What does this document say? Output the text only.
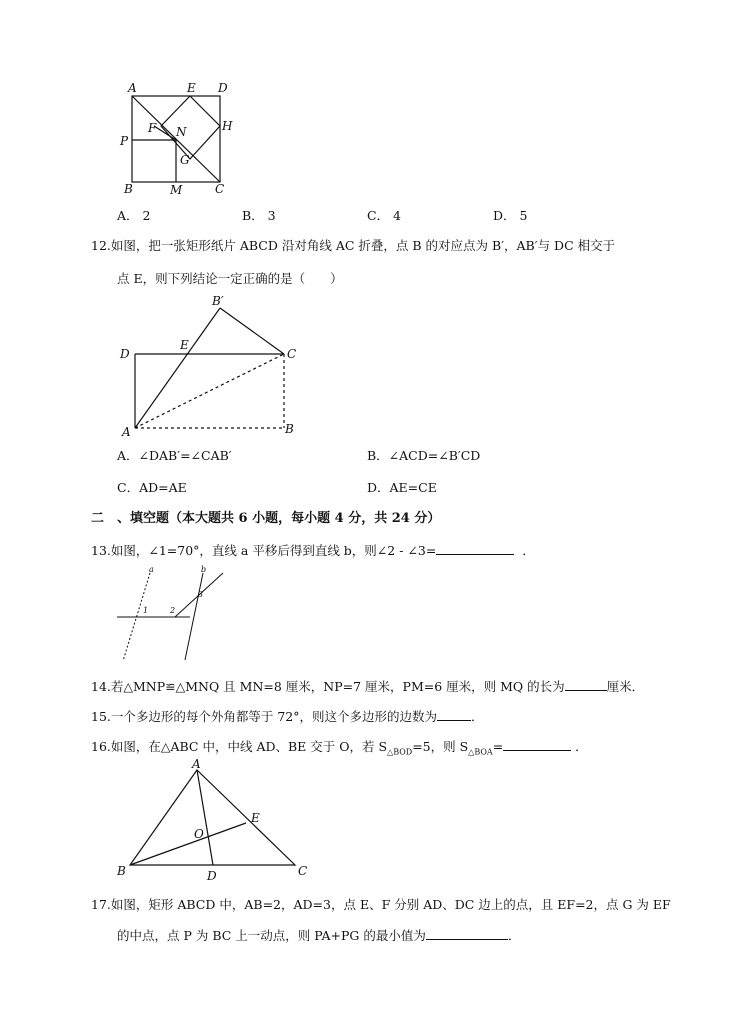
A	E D
H
F N
P
G
B	M	C
A． 2	B． 3	C． 4	D． 5
12.如图，把一张矩形纸片 ABCD 沿对角线 AC 折叠，点 B 的对应点为 B′，AB′与 DC 相交于
点 E，则下列结论一定正确的是（　　）
B′
D
E
C
A	B
A．∠DAB′=∠CAB′	B．∠ACD=∠B′CD
C．AD=AE	D．AE=CE
二　、填空题（本大题共 6 小题，每小题 4 分，共 24 分）
13.如图，∠1=70°，直线 a 平移后得到直线 b，则∠2 - ∠3=	．
a	b
1	2
3
14.若△MNP≌△MNQ 且 MN=8 厘米，NP=7 厘米，PM=6 厘米，则 MQ 的长为	厘米．
15.一个多边形的每个外角都等于 72°，则这个多边形的边数为	．
16.如图，在△ABC 中，中线 AD、BE 交于 O，若 $S_{\triangle BOD}=5$，则 $S_{\triangle BOA}=$	．
A
E
O
B	D	C
17.如图，矩形 ABCD 中，AB=2，AD=3，点 E、F 分别 AD、DC 边上的点，且 EF=2，点 G 为 EF
的中点，点 P 为 BC 上一动点，则 PA+PG 的最小值为	．
